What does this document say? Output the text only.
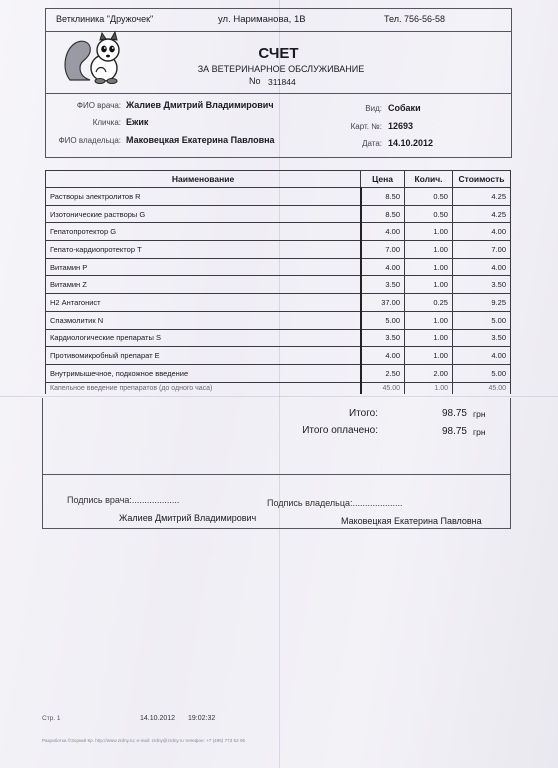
Ветклиника "Дружочек"	ул. Нариманова, 1В	Тел. 756-56-58
СЧЕТ
ЗА ВЕТЕРИНАРНОЕ ОБСЛУЖИВАНИЕ
No 311844
ФИО врача: Жалиев Дмитрий Владимирович
Кличка: Ежик
ФИО владельца: Маковецкая Екатерина Павловна
Вид: Собаки
Карт. №: 12693
Дата: 14.10.2012
Наименование	Цена	Колич.	Стоимость
Растворы электролитов R	8.50	0.50	4.25
Изотонические растворы G	8.50	0.50	4.25
Гепатопротектор G	4.00	1.00	4.00
Гепато-кардиопротектор Т	7.00	1.00	7.00
Витамин Р	4.00	1.00	4.00
Витамин Z	3.50	1.00	3.50
Н2 Антагонист	37.00	0.25	9.25
Спазмолитик N	5.00	1.00	5.00
Кардиологические препараты S	3.50	1.00	3.50
Противомикробный препарат Е	4.00	1.00	4.00
Внутримышечное, подкожное введение	2.50	2.00	5.00
Капельное введение препаратов (до одного часа)	45.00	1.00	45.00
Итого:	98.75 грн
Итого оплачено:	98.75 грн
Подпись врача:...................	Подпись владельца:....................
Жалиев Дмитрий Владимирович	Маковецкая Екатерина Павловна
Стр. 1	14.10.2012 19:02:32
Разработка ©Зоркий Кр. http://www.zrdny.ru; e-mail: zrdny@zrdny.ru телефон: +7 (495) 773 52 96
